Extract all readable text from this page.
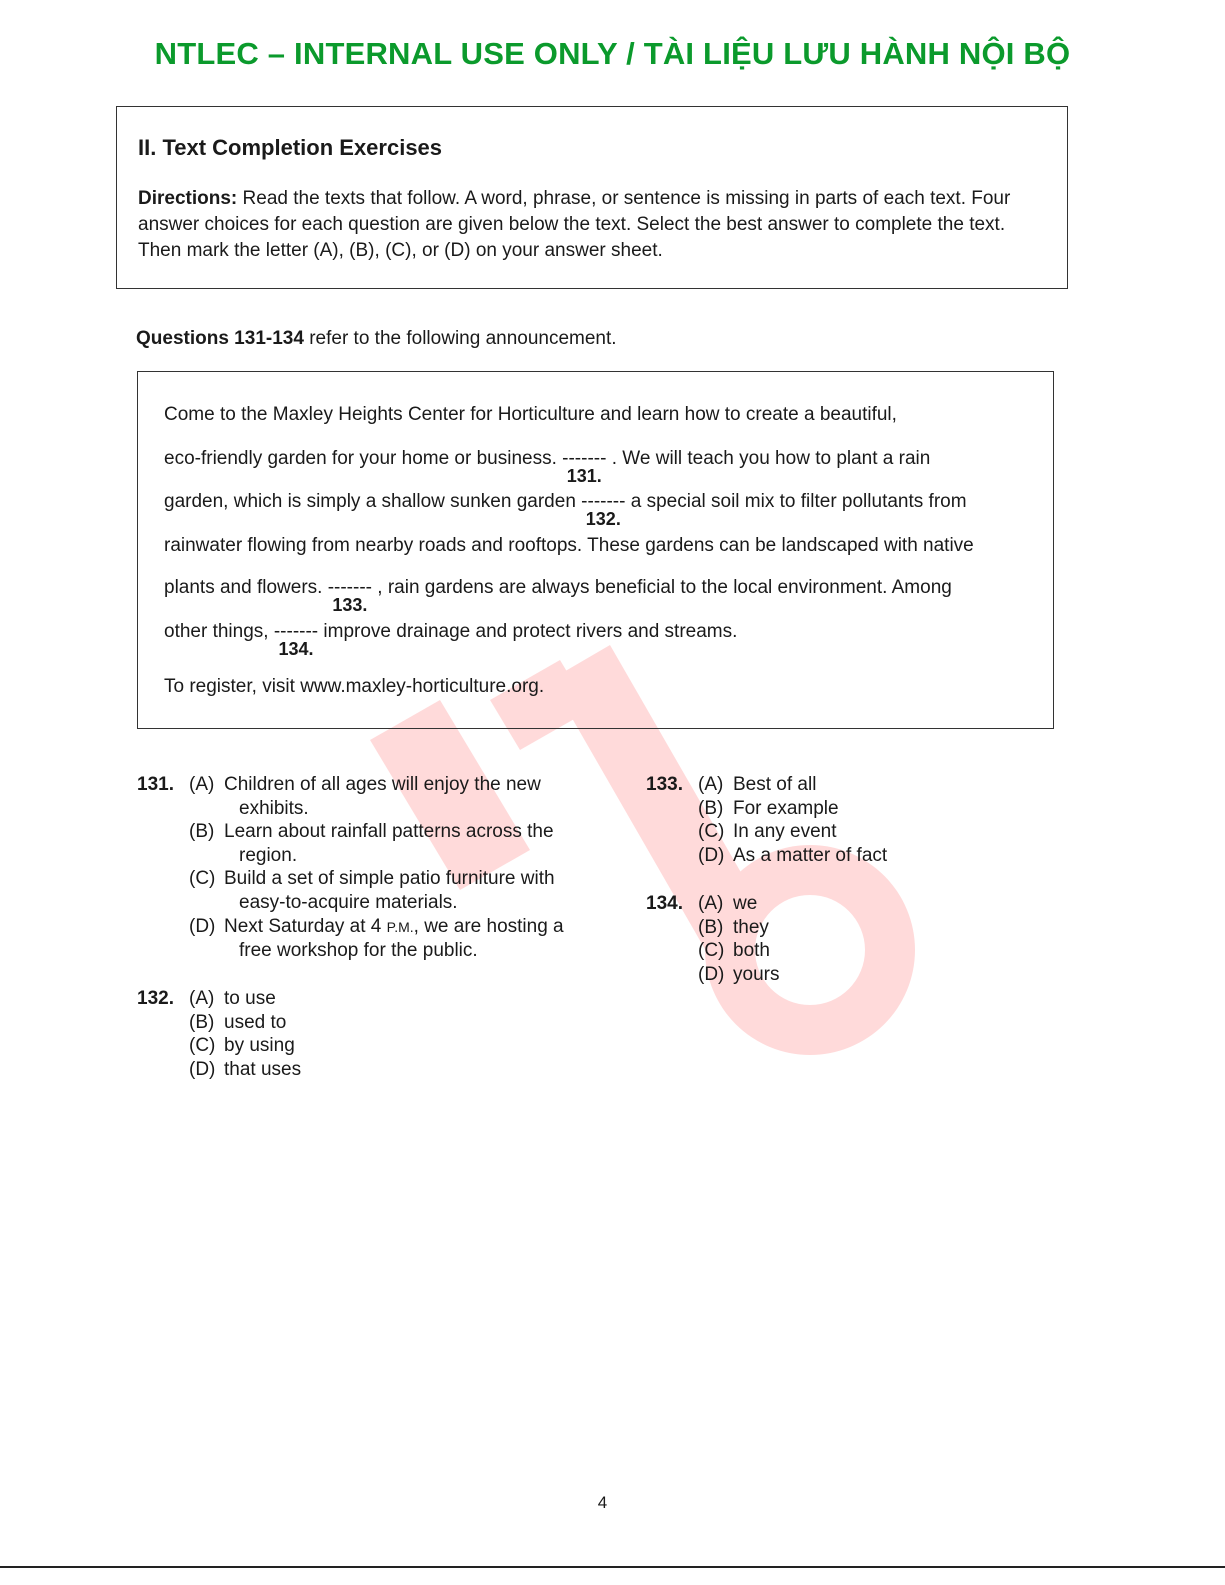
NTLEC – INTERNAL USE ONLY / TÀI LIỆU LƯU HÀNH NỘI BỘ
II. Text Completion Exercises
Directions: Read the texts that follow. A word, phrase, or sentence is missing in parts of each text. Four answer choices for each question are given below the text. Select the best answer to complete the text. Then mark the letter (A), (B), (C), or (D) on your answer sheet.
Questions 131-134 refer to the following announcement.
Come to the Maxley Heights Center for Horticulture and learn how to create a beautiful,
eco-friendly garden for your home or business. -------
131.
. We will teach you how to plant a rain
garden, which is simply a shallow sunken garden -------
132.
a special soil mix to filter pollutants from
rainwater flowing from nearby roads and rooftops. These gardens can be landscaped with native
plants and flowers. -------
133.
, rain gardens are always beneficial to the local environment. Among
other things, -------
134.
improve drainage and protect rivers and streams.
To register, visit www.maxley-horticulture.org.
131. (A) Children of all ages will enjoy the new
exhibits.
(B) Learn about rainfall patterns across the
region.
(C) Build a set of simple patio furniture with
easy-to-acquire materials.
(D) Next Saturday at 4 P.M., we are hosting a
free workshop for the public.
132. (A) to use
(B) used to
(C) by using
(D) that uses
133. (A) Best of all
(B) For example
(C) In any event
(D) As a matter of fact
134. (A) we
(B) they
(C) both
(D) yours
4
